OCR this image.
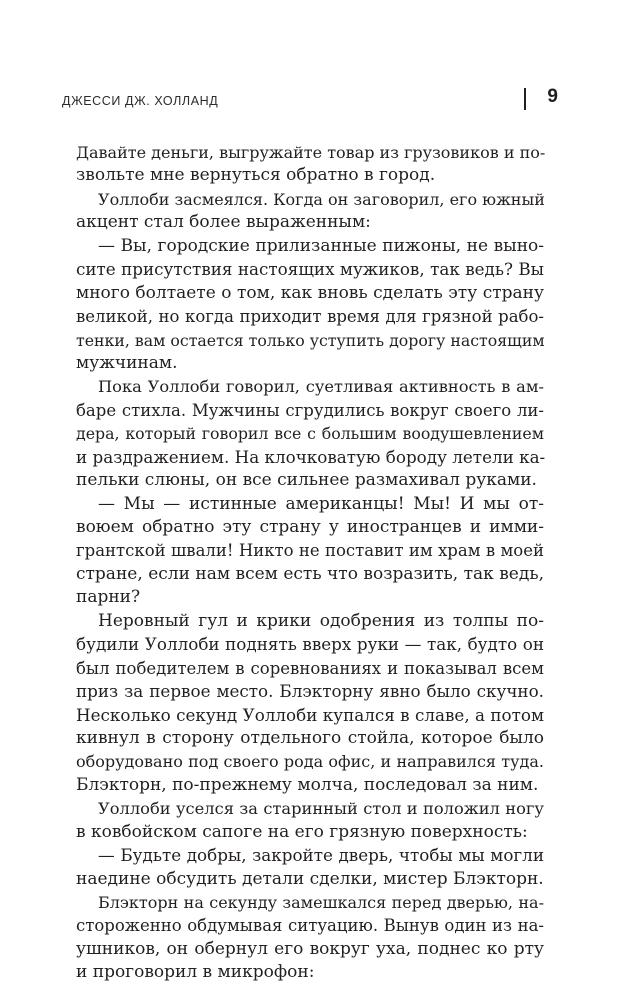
ДЖЕССИ ДЖ. ХОЛЛАНД	9
Давайте деньги, выгружайте товар из грузовиков и по-
звольте мне вернуться обратно в город.
Уоллоби засмеялся. Когда он заговорил, его южный
акцент стал более выраженным:
— Вы, городские прилизанные пижоны, не выно-
сите присутствия настоящих мужиков, так ведь? Вы
много болтаете о том, как вновь сделать эту страну
великой, но когда приходит время для грязной рабо-
тенки, вам остается только уступить дорогу настоящим
мужчинам.
Пока Уоллоби говорил, суетливая активность в ам-
баре стихла. Мужчины сгрудились вокруг своего ли-
дера, который говорил все с большим воодушевлением
и раздражением. На клочковатую бороду летели ка-
пельки слюны, он все сильнее размахивал руками.
— Мы — истинные американцы! Мы! И мы от-
воюем обратно эту страну у иностранцев и имми-
грантской швали! Никто не поставит им храм в моей
стране, если нам всем есть что возразить, так ведь,
парни?
Неровный гул и крики одобрения из толпы по-
будили Уоллоби поднять вверх руки — так, будто он
был победителем в соревнованиях и показывал всем
приз за первое место. Блэкторну явно было скучно.
Несколько секунд Уоллоби купался в славе, а потом
кивнул в сторону отдельного стойла, которое было
оборудовано под своего рода офис, и направился туда.
Блэкторн, по-прежнему молча, последовал за ним.
Уоллоби уселся за старинный стол и положил ногу
в ковбойском сапоге на его грязную поверхность:
— Будьте добры, закройте дверь, чтобы мы могли
наедине обсудить детали сделки, мистер Блэкторн.
Блэкторн на секунду замешкался перед дверью, на-
стороженно обдумывая ситуацию. Вынув один из на-
ушников, он обернул его вокруг уха, поднес ко рту
и проговорил в микрофон:
